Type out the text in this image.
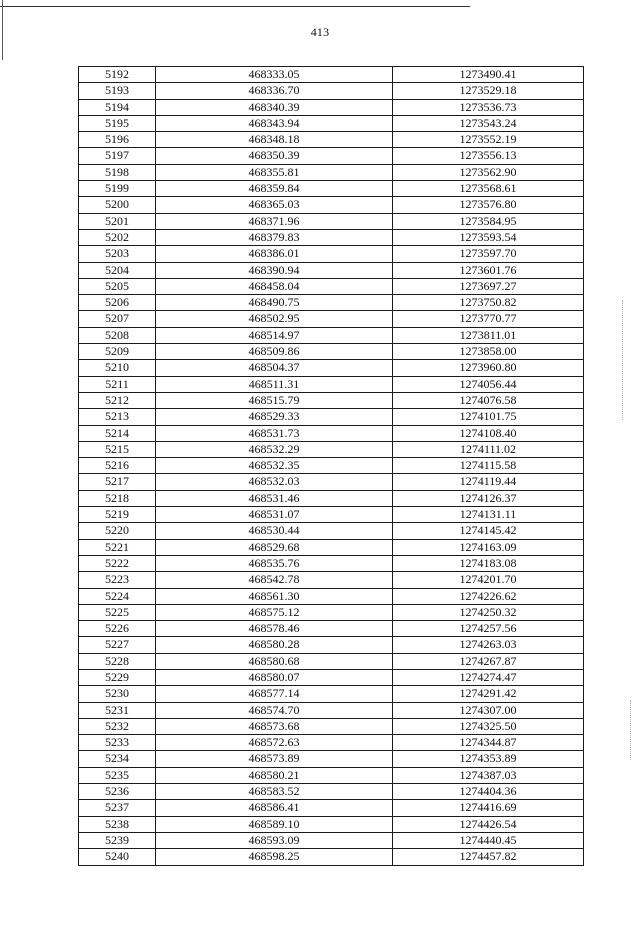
413
5192	468333.05	1273490.41
5193	468336.70	1273529.18
5194	468340.39	1273536.73
5195	468343.94	1273543.24
5196	468348.18	1273552.19
5197	468350.39	1273556.13
5198	468355.81	1273562.90
5199	468359.84	1273568.61
5200	468365.03	1273576.80
5201	468371.96	1273584.95
5202	468379.83	1273593.54
5203	468386.01	1273597.70
5204	468390.94	1273601.76
5205	468458.04	1273697.27
5206	468490.75	1273750.82
5207	468502.95	1273770.77
5208	468514.97	1273811.01
5209	468509.86	1273858.00
5210	468504.37	1273960.80
5211	468511.31	1274056.44
5212	468515.79	1274076.58
5213	468529.33	1274101.75
5214	468531.73	1274108.40
5215	468532.29	1274111.02
5216	468532.35	1274115.58
5217	468532.03	1274119.44
5218	468531.46	1274126.37
5219	468531.07	1274131.11
5220	468530.44	1274145.42
5221	468529.68	1274163.09
5222	468535.76	1274183.08
5223	468542.78	1274201.70
5224	468561.30	1274226.62
5225	468575.12	1274250.32
5226	468578.46	1274257.56
5227	468580.28	1274263.03
5228	468580.68	1274267.87
5229	468580.07	1274274.47
5230	468577.14	1274291.42
5231	468574.70	1274307.00
5232	468573.68	1274325.50
5233	468572.63	1274344.87
5234	468573.89	1274353.89
5235	468580.21	1274387.03
5236	468583.52	1274404.36
5237	468586.41	1274416.69
5238	468589.10	1274426.54
5239	468593.09	1274440.45
5240	468598.25	1274457.82
